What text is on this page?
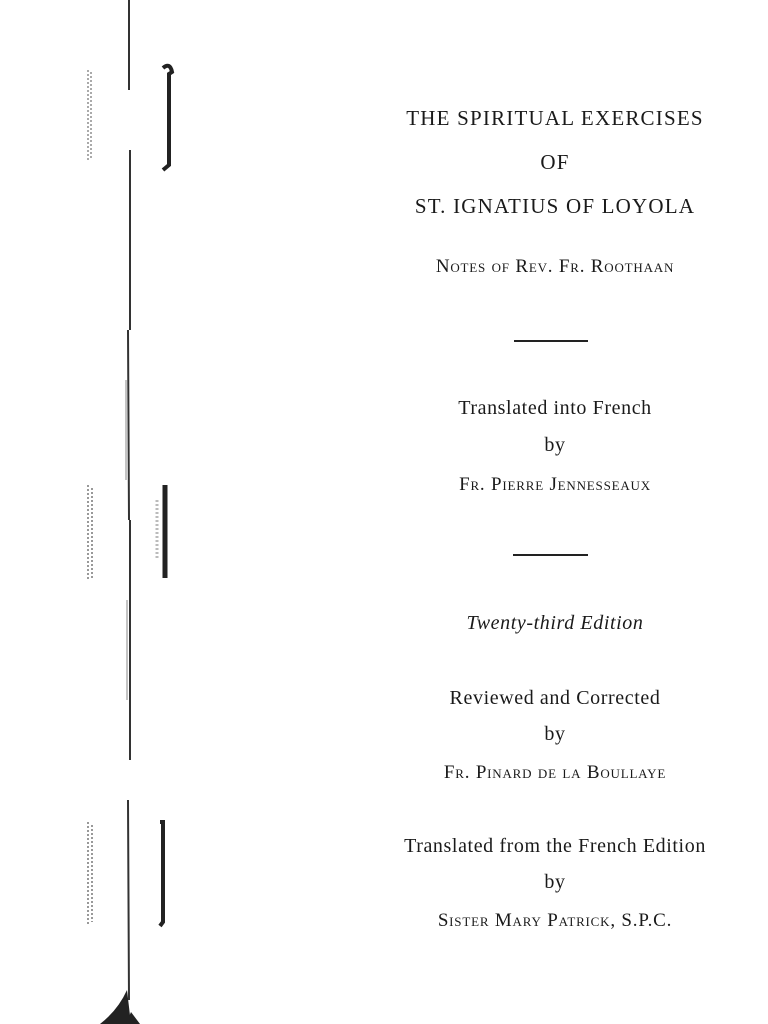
THE SPIRITUAL EXERCISES
OF
ST. IGNATIUS OF LOYOLA
Notes of Rev. Fr. Roothaan
Translated into French
by
Fr. Pierre Jennesseaux
Twenty-third Edition
Reviewed and Corrected
by
Fr. Pinard de la Boullaye
Translated from the French Edition
by
Sister Mary Patrick, S.P.C.
